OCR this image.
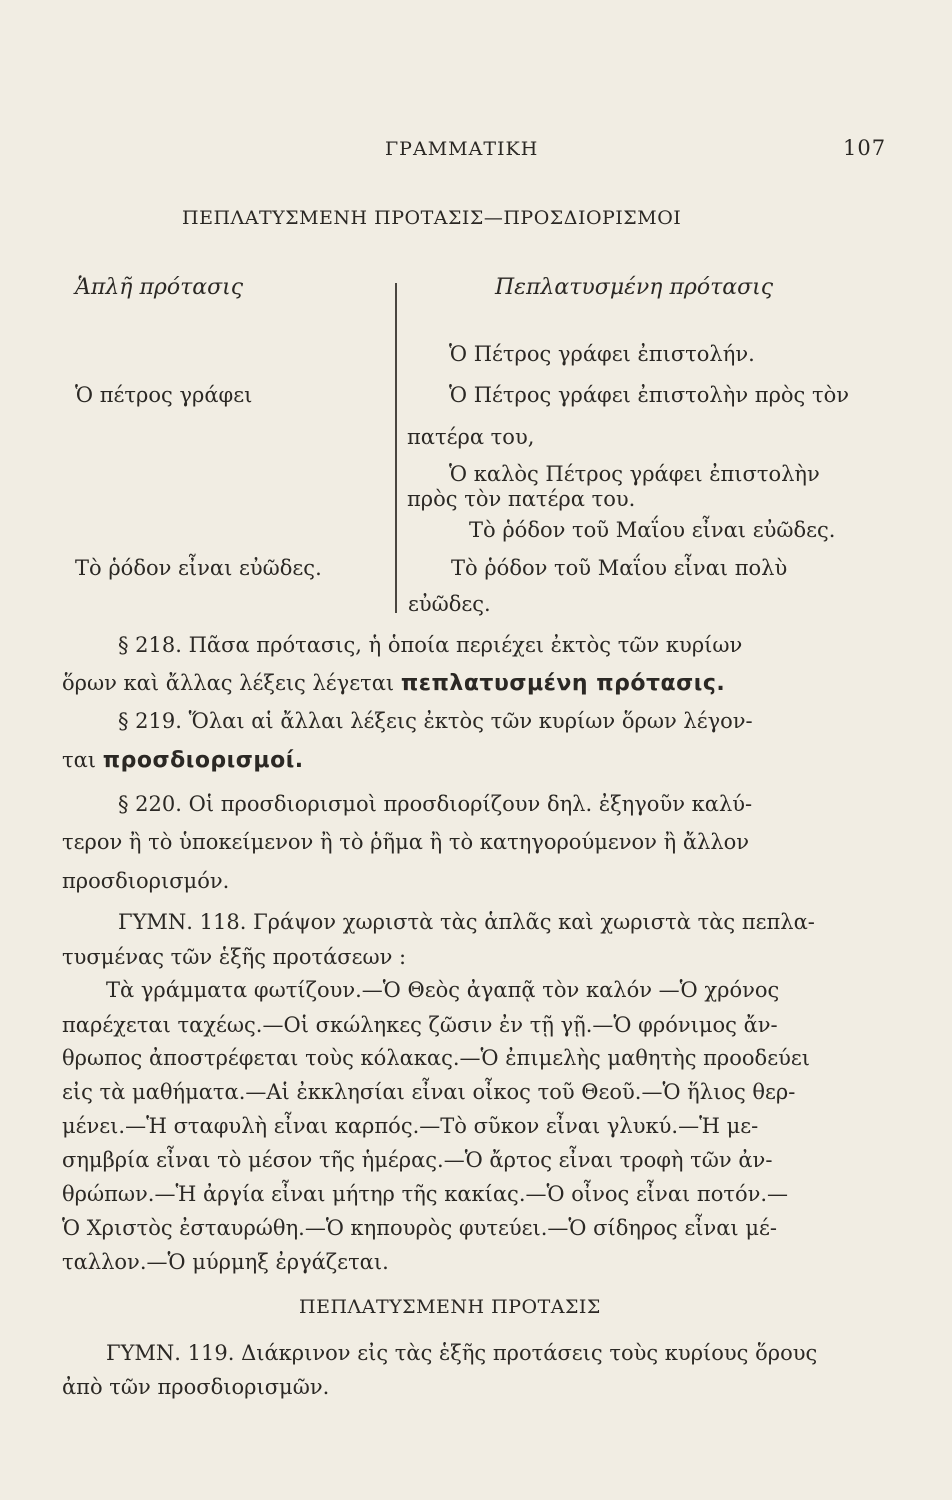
ΓΡΑΜΜΑΤΙΚΗ	107
ΠΕΠΛΑΤΥΣΜΕΝΗ ΠΡΟΤΑΣΙΣ—ΠΡΟΣΔΙΟΡΙΣΜΟΙ
Ἁπλῆ πρότασις	Πεπλατυσμένη πρότασις
Ὁ πέτρος γράφει
Τὸ ῥόδον εἶναι εὐῶδες.
Ὁ Πέτρος γράφει ἐπιστολήν.
Ὁ Πέτρος γράφει ἐπιστολὴν πρὸς τὸν
πατέρα του,
Ὁ καλὸς Πέτρος γράφει ἐπιστολὴν
πρὸς τὸν πατέρα του.
Τὸ ῥόδον τοῦ Μαΐου εἶναι εὐῶδες.
Τὸ ῥόδον τοῦ Μαΐου εἶναι πολὺ
εὐῶδες.
§ 218. Πᾶσα πρότασις, ἡ ὁποία περιέχει ἐκτὸς τῶν κυρίων
ὅρων καὶ ἄλλας λέξεις λέγεται πεπλατυσμένη πρότασις.
§ 219. Ὅλαι αἱ ἄλλαι λέξεις ἐκτὸς τῶν κυρίων ὅρων λέγον-
ται προσδιορισμοί.
§ 220. Οἱ προσδιορισμοὶ προσδιορίζουν δηλ. ἐξηγοῦν καλύ-
τερον ἢ τὸ ὑποκείμενον ἢ τὸ ῥῆμα ἢ τὸ κατηγορούμενον ἢ ἄλλον
προσδιορισμόν.
ΓΥΜΝ. 118. Γράψον χωριστὰ τὰς ἁπλᾶς καὶ χωριστὰ τὰς πεπλα-
τυσμένας τῶν ἑξῆς προτάσεων :
Τὰ γράμματα φωτίζουν.—Ὁ Θεὸς ἀγαπᾷ τὸν καλόν —Ὁ χρόνος
παρέχεται ταχέως.—Οἱ σκώληκες ζῶσιν ἐν τῇ γῇ.—Ὁ φρόνιμος ἄν-
θρωπος ἀποστρέφεται τοὺς κόλακας.—Ὁ ἐπιμελὴς μαθητὴς προοδεύει
εἰς τὰ μαθήματα.—Αἱ ἐκκλησίαι εἶναι οἶκος τοῦ Θεοῦ.—Ὁ ἥλιος θερ-
μένει.—Ἡ σταφυλὴ εἶναι καρπός.—Τὸ σῦκον εἶναι γλυκύ.—Ἡ με-
σημβρία εἶναι τὸ μέσον τῆς ἡμέρας.—Ὁ ἄρτος εἶναι τροφὴ τῶν ἀν-
θρώπων.—Ἡ ἀργία εἶναι μήτηρ τῆς κακίας.—Ὁ οἶνος εἶναι ποτόν.—
Ὁ Χριστὸς ἐσταυρώθη.—Ὁ κηπουρὸς φυτεύει.—Ὁ σίδηρος εἶναι μέ-
ταλλον.—Ὁ μύρμηξ ἐργάζεται.
ΠΕΠΛΑΤΥΣΜΕΝΗ ΠΡΟΤΑΣΙΣ
ΓΥΜΝ. 119. Διάκρινον εἰς τὰς ἑξῆς προτάσεις τοὺς κυρίους ὅρους
ἀπὸ τῶν προσδιορισμῶν.
